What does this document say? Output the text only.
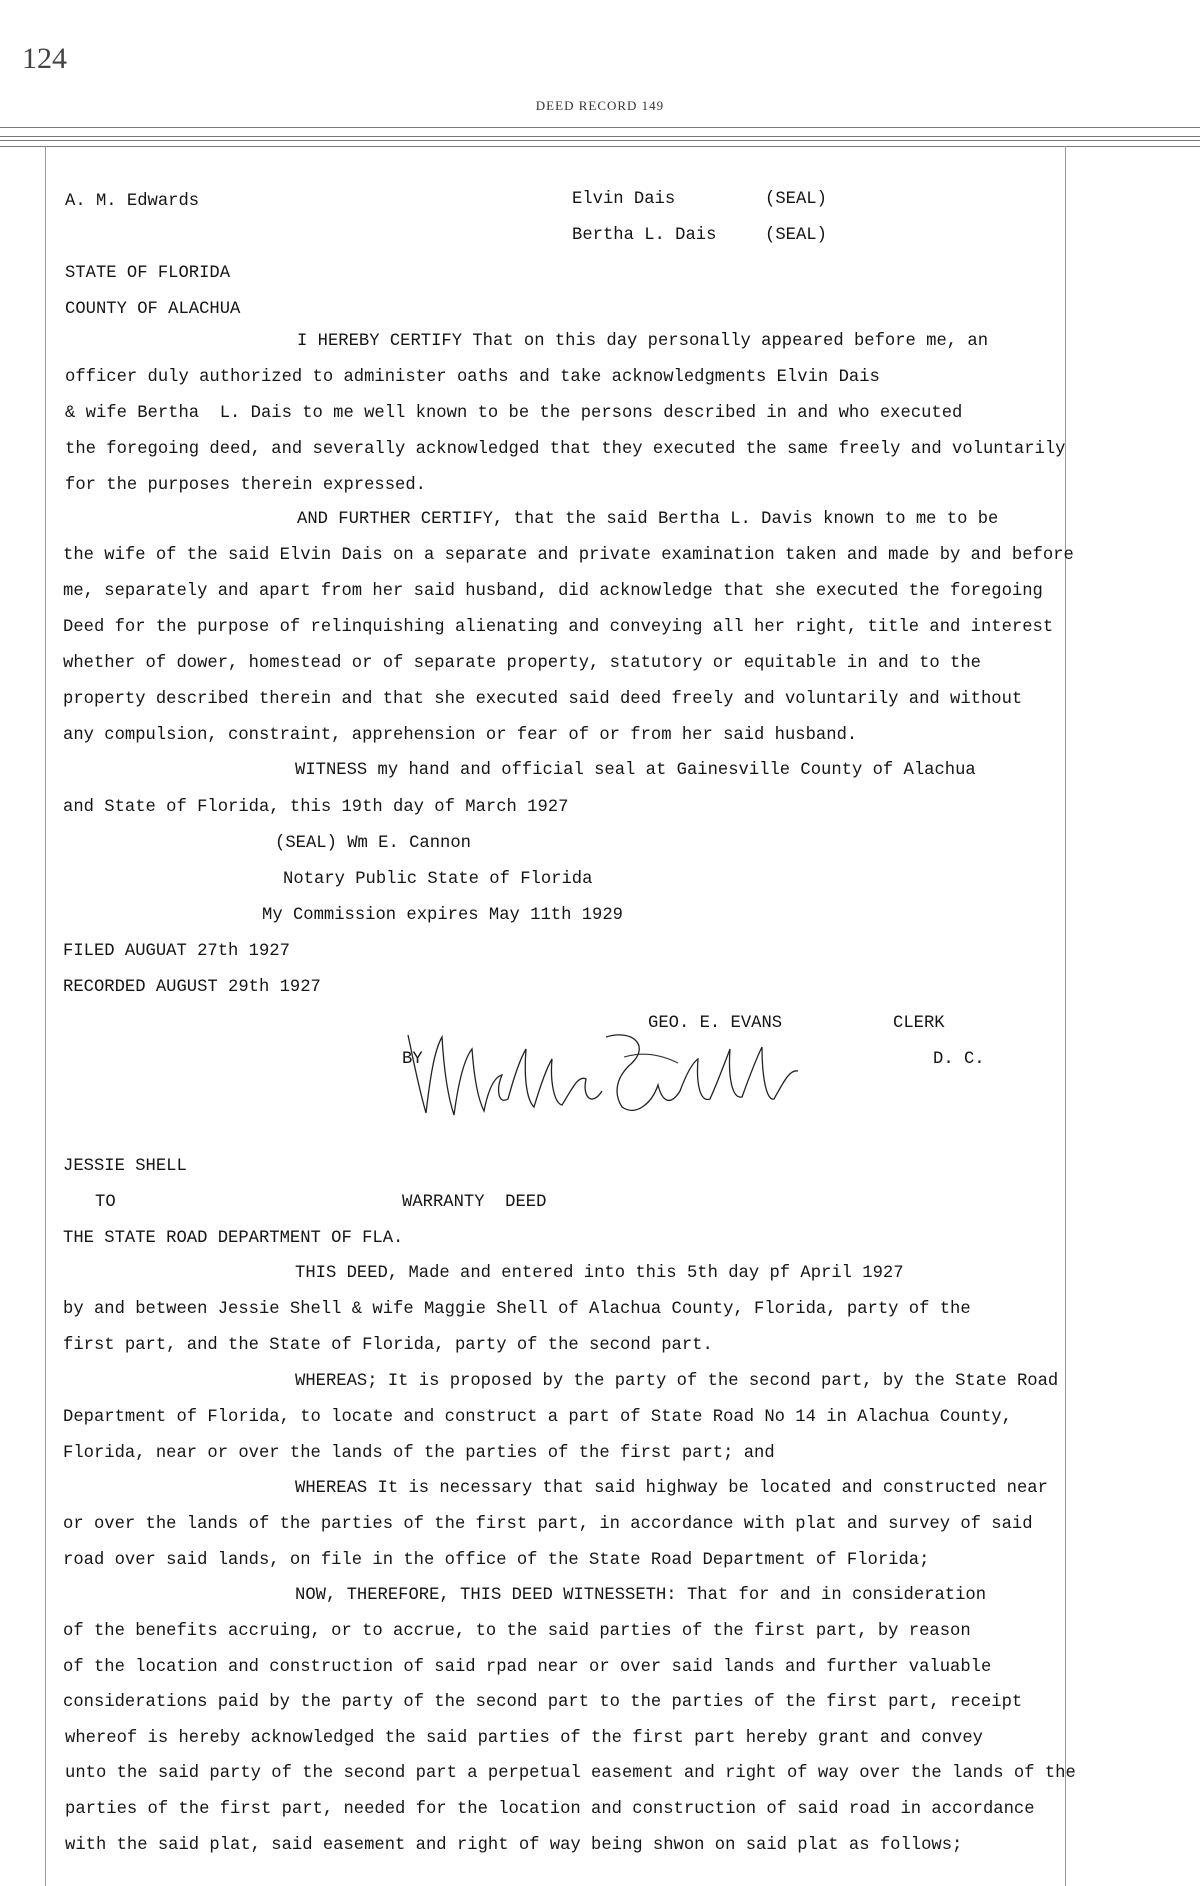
124
DEED RECORD 149
A. M. Edwards	Elvin Dais	(SEAL)
Bertha L. Dais	(SEAL)
STATE OF FLORIDA
COUNTY OF ALACHUA
I HEREBY CERTIFY That on this day personally appeared before me, an
officer duly authorized to administer oaths and take acknowledgments Elvin Dais
& wife Bertha  L. Dais to me well known to be the persons described in and who executed
the foregoing deed, and severally acknowledged that they executed the same freely and voluntarily
for the purposes therein expressed.
AND FURTHER CERTIFY, that the said Bertha L. Davis known to me to be
the wife of the said Elvin Dais on a separate and private examination taken and made by and before
me, separately and apart from her said husband, did acknowledge that she executed the foregoing
Deed for the purpose of relinquishing alienating and conveying all her right, title and interest
whether of dower, homestead or of separate property, statutory or equitable in and to the
property described therein and that she executed said deed freely and voluntarily and without
any compulsion, constraint, apprehension or fear of or from her said husband.
WITNESS my hand and official seal at Gainesville County of Alachua
and State of Florida, this 19th day of March 1927
(SEAL) Wm E. Cannon
Notary Public State of Florida
My Commission expires May 11th 1929
FILED AUGUAT 27th 1927
RECORDED AUGUST 29th 1927
GEO. E. EVANS	CLERK
BY	D. C.
JESSIE SHELL
TO	WARRANTY  DEED
THE STATE ROAD DEPARTMENT OF FLA.
THIS DEED, Made and entered into this 5th day pf April 1927
by and between Jessie Shell & wife Maggie Shell of Alachua County, Florida, party of the
first part, and the State of Florida, party of the second part.
WHEREAS; It is proposed by the party of the second part, by the State Road
Department of Florida, to locate and construct a part of State Road No 14 in Alachua County,
Florida, near or over the lands of the parties of the first part; and
WHEREAS It is necessary that said highway be located and constructed near
or over the lands of the parties of the first part, in accordance with plat and survey of said
road over said lands, on file in the office of the State Road Department of Florida;
NOW, THEREFORE, THIS DEED WITNESSETH: That for and in consideration
of the benefits accruing, or to accrue, to the said parties of the first part, by reason
of the location and construction of said rpad near or over said lands and further valuable
considerations paid by the party of the second part to the parties of the first part, receipt
whereof is hereby acknowledged the said parties of the first part hereby grant and convey
unto the said party of the second part a perpetual easement and right of way over the lands of the
parties of the first part, needed for the location and construction of said road in accordance
with the said plat, said easement and right of way being shwon on said plat as follows;
